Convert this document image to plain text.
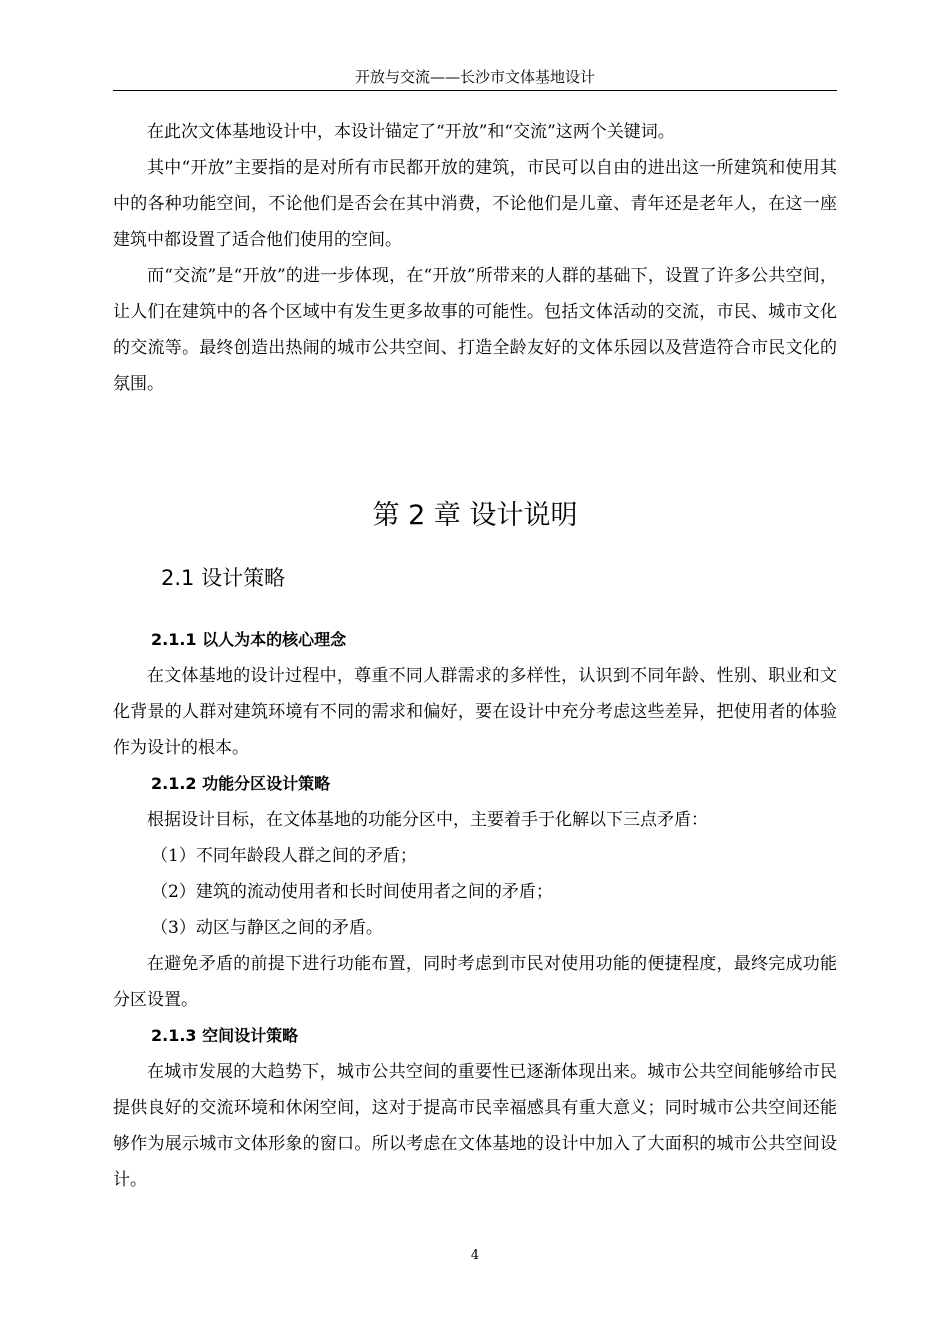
开放与交流——长沙市文体基地设计

在此次文体基地设计中，本设计锚定了“开放”和“交流”这两个关键词。

其中“开放”主要指的是对所有市民都开放的建筑，市民可以自由的进出这一所建筑和使用其中的各种功能空间，不论他们是否会在其中消费，不论他们是儿童、青年还是老年人，在这一座建筑中都设置了适合他们使用的空间。

而“交流”是“开放”的进一步体现，在“开放”所带来的人群的基础下，设置了许多公共空间，让人们在建筑中的各个区域中有发生更多故事的可能性。包括文体活动的交流，市民、城市文化的交流等。最终创造出热闹的城市公共空间、打造全龄友好的文体乐园以及营造符合市民文化的氛围。

第 2 章 设计说明
2.1 设计策略
2.1.1 以人为本的核心理念

在文体基地的设计过程中，尊重不同人群需求的多样性，认识到不同年龄、性别、职业和文化背景的人群对建筑环境有不同的需求和偏好，要在设计中充分考虑这些差异，把使用者的体验作为设计的根本。

2.1.2 功能分区设计策略

根据设计目标，在文体基地的功能分区中，主要着手于化解以下三点矛盾：

（1）不同年龄段人群之间的矛盾；

（2）建筑的流动使用者和长时间使用者之间的矛盾；

（3）动区与静区之间的矛盾。

在避免矛盾的前提下进行功能布置，同时考虑到市民对使用功能的便捷程度，最终完成功能分区设置。

2.1.3 空间设计策略

在城市发展的大趋势下，城市公共空间的重要性已逐渐体现出来。城市公共空间能够给市民提供良好的交流环境和休闲空间，这对于提高市民幸福感具有重大意义；同时城市公共空间还能够作为展示城市文体形象的窗口。所以考虑在文体基地的设计中加入了大面积的城市公共空间设计。

4
